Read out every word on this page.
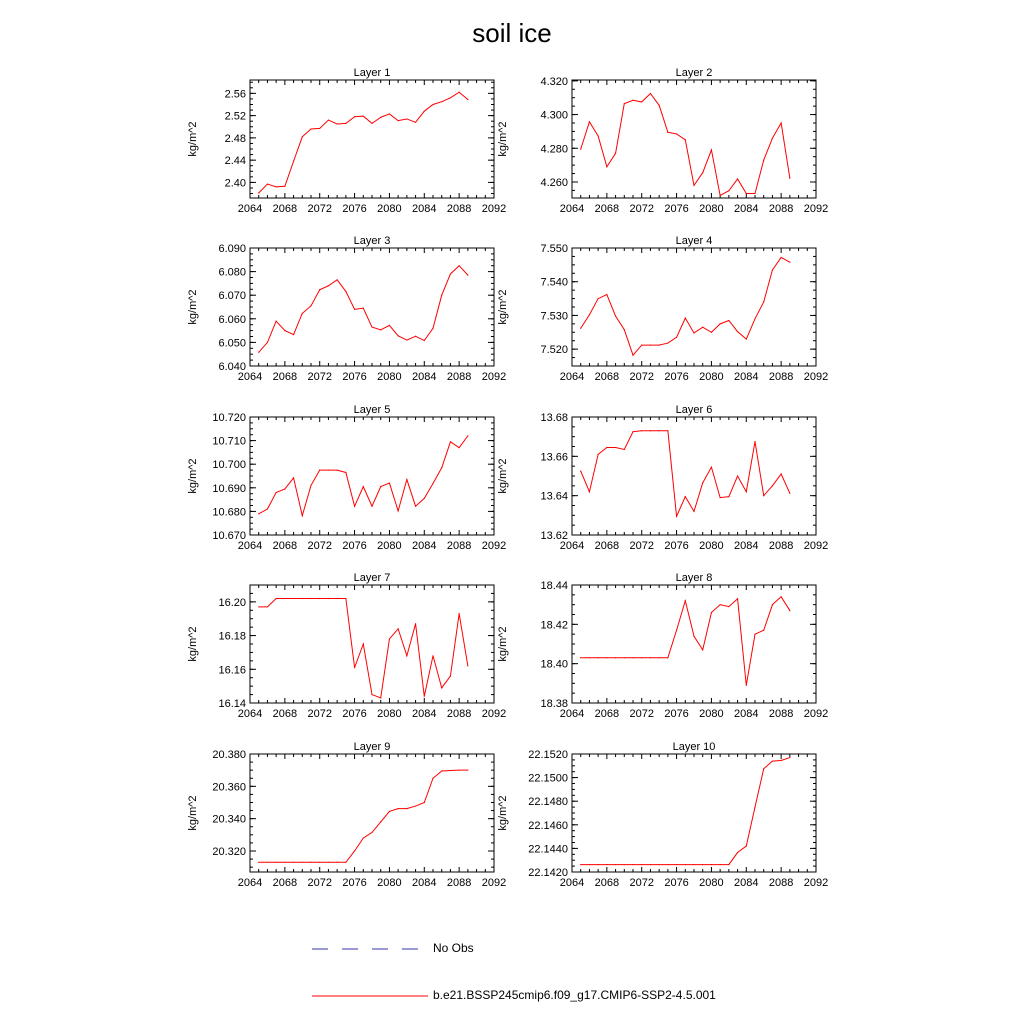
soil ice
Layer 1
2064 2068 2072 2076 2080 2084 2088 2092
2.40
2.44
2.48
2.52
2.56
kg/m^2
Layer 2
2064 2068 2072 2076 2080 2084 2088 2092
4.260
4.280
4.300
4.320
kg/m^2
Layer 3
2064 2068 2072 2076 2080 2084 2088 2092
6.040
6.050
6.060
6.070
6.080
6.090
kg/m^2
Layer 4
2064 2068 2072 2076 2080 2084 2088 2092
7.520
7.530
7.540
7.550
kg/m^2
Layer 5
2064 2068 2072 2076 2080 2084 2088 2092
10.670
10.680
10.690
10.700
10.710
10.720
kg/m^2
Layer 6
2064 2068 2072 2076 2080 2084 2088 2092
13.62
13.64
13.66
13.68
kg/m^2
Layer 7
2064 2068 2072 2076 2080 2084 2088 2092
16.14
16.16
16.18
16.20
kg/m^2
Layer 8
2064 2068 2072 2076 2080 2084 2088 2092
18.38
18.40
18.42
18.44
kg/m^2
Layer 9
2064 2068 2072 2076 2080 2084 2088 2092
20.320
20.340
20.360
20.380
kg/m^2
Layer 10
2064 2068 2072 2076 2080 2084 2088 2092
22.1420
22.1440
22.1460
22.1480
22.1500
22.1520
kg/m^2
No Obs
b.e21.BSSP245cmip6.f09_g17.CMIP6-SSP2-4.5.001
